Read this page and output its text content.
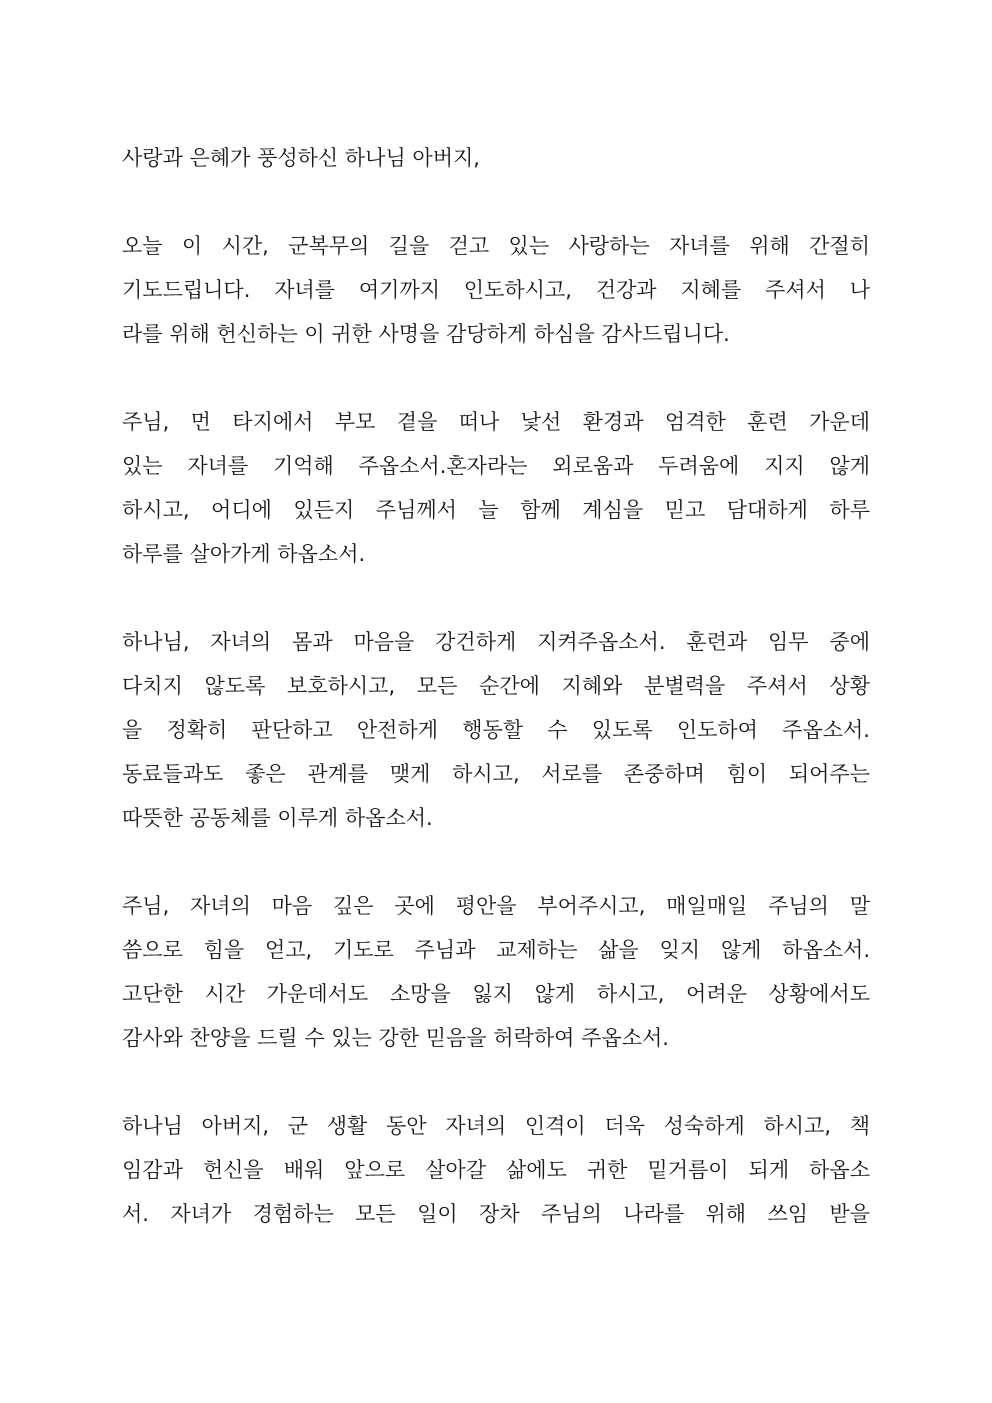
사랑과 은혜가 풍성하신 하나님 아버지,
오늘 이 시간, 군복무의 길을 걷고 있는 사랑하는 자녀를 위해 간절히
기도드립니다. 자녀를 여기까지 인도하시고, 건강과 지혜를 주셔서 나
라를 위해 헌신하는 이 귀한 사명을 감당하게 하심을 감사드립니다.
주님, 먼 타지에서 부모 곁을 떠나 낯선 환경과 엄격한 훈련 가운데
있는 자녀를 기억해 주옵소서.혼자라는 외로움과 두려움에 지지 않게
하시고, 어디에 있든지 주님께서 늘 함께 계심을 믿고 담대하게 하루
하루를 살아가게 하옵소서.
하나님, 자녀의 몸과 마음을 강건하게 지켜주옵소서. 훈련과 임무 중에
다치지 않도록 보호하시고, 모든 순간에 지혜와 분별력을 주셔서 상황
을 정확히 판단하고 안전하게 행동할 수 있도록 인도하여 주옵소서.
동료들과도 좋은 관계를 맺게 하시고, 서로를 존중하며 힘이 되어주는
따뜻한 공동체를 이루게 하옵소서.
주님, 자녀의 마음 깊은 곳에 평안을 부어주시고, 매일매일 주님의 말
씀으로 힘을 얻고, 기도로 주님과 교제하는 삶을 잊지 않게 하옵소서.
고단한 시간 가운데서도 소망을 잃지 않게 하시고, 어려운 상황에서도
감사와 찬양을 드릴 수 있는 강한 믿음을 허락하여 주옵소서.
하나님 아버지, 군 생활 동안 자녀의 인격이 더욱 성숙하게 하시고, 책
임감과 헌신을 배워 앞으로 살아갈 삶에도 귀한 밑거름이 되게 하옵소
서. 자녀가 경험하는 모든 일이 장차 주님의 나라를 위해 쓰임 받을
